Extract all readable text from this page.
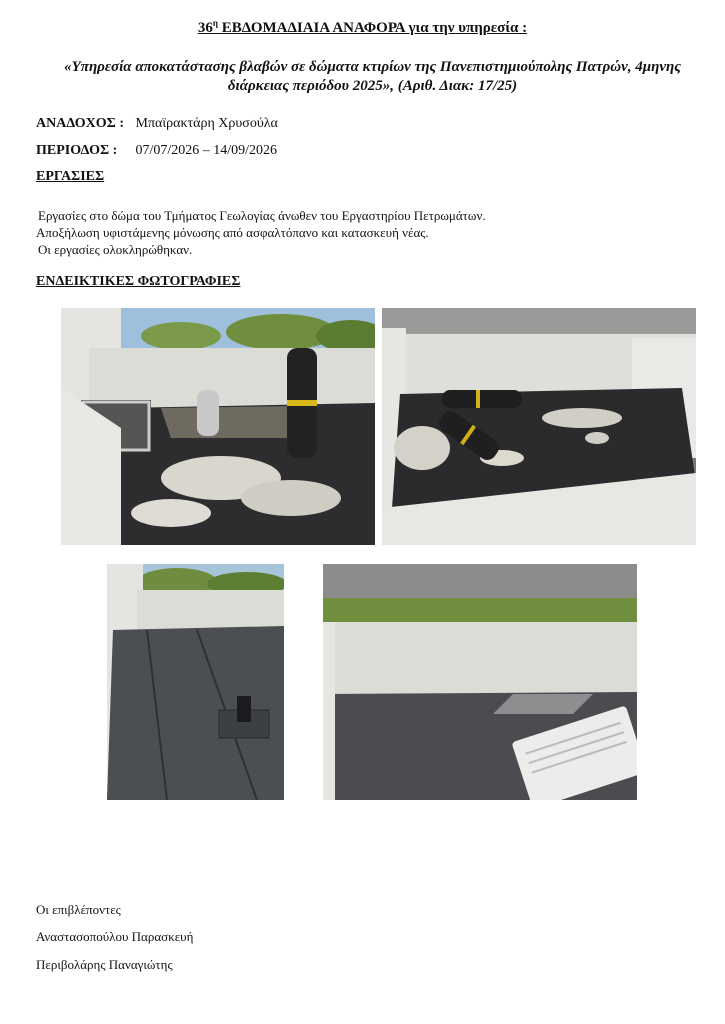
$36^\eta$ ΕΒΔΟΜΑΔΙΑΙΑ ΑΝΑΦΟΡΑ για την υπηρεσία :
«Υπηρεσία αποκατάστασης βλαβών σε δώματα κτιρίων της Πανεπιστημιούπολης Πατρών, 4μηνης διάρκειας περιόδου 2025», (Αριθ. Διακ: 17/25)
ΑΝΑΔΟΧΟΣ : Μπαϊρακτάρη Χρυσούλα
ΠΕΡΙΟΔΟΣ : 07/07/2026 – 14/09/2026
ΕΡΓΑΣΙΕΣ
Εργασίες στο δώμα του Τμήματος Γεωλογίας άνωθεν του Εργαστηρίου Πετρωμάτων.
Αποξήλωση υφιστάμενης μόνωσης από ασφαλτόπανο και κατασκευή νέας.
Οι εργασίες ολοκληρώθηκαν.
ΕΝΔΕΙΚΤΙΚΕΣ ΦΩΤΟΓΡΑΦΙΕΣ
Οι επιβλέποντες
Αναστασοπούλου Παρασκευή
Περιβολάρης Παναγιώτης
